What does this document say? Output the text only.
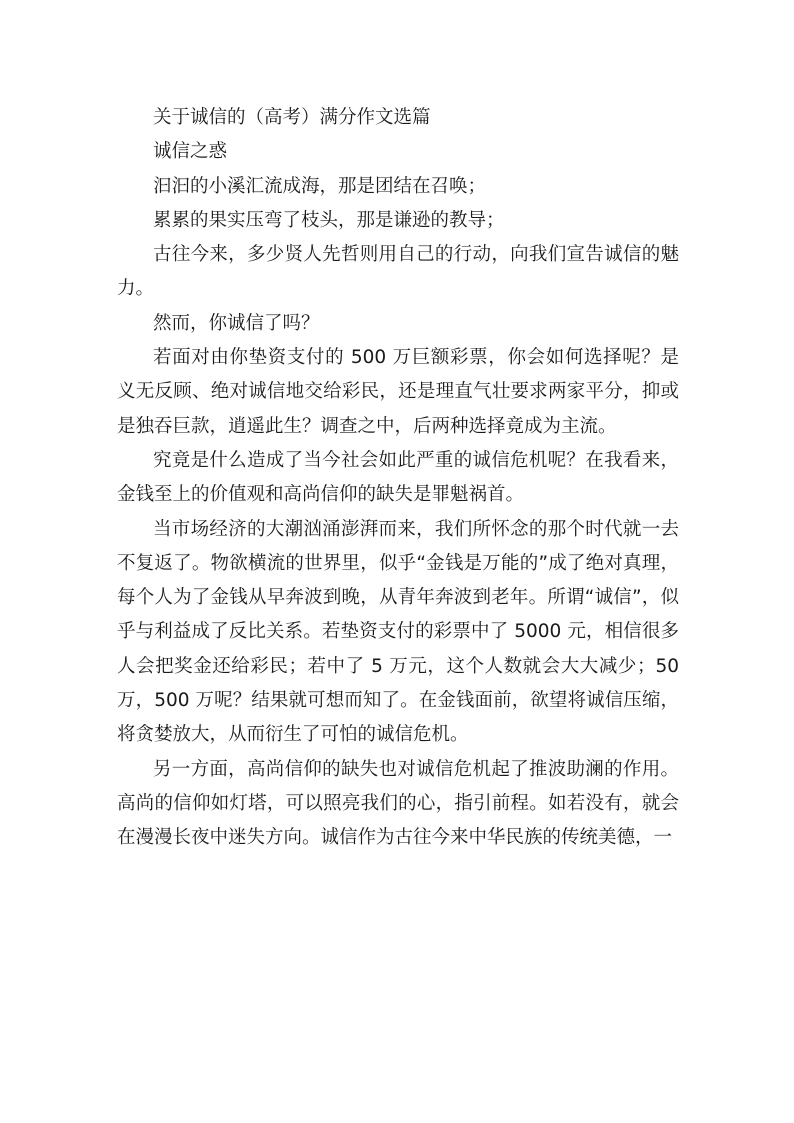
关于诚信的（高考）满分作文选篇

诚信之惑

汩汩的小溪汇流成海，那是团结在召唤；

累累的果实压弯了枝头，那是谦逊的教导；

古往今来，多少贤人先哲则用自己的行动，向我们宣告诚信的魅力。

然而，你诚信了吗？

若面对由你垫资支付的 500 万巨额彩票，你会如何选择呢？是义无反顾、绝对诚信地交给彩民，还是理直气壮要求两家平分，抑或是独吞巨款，逍遥此生？调查之中，后两种选择竟成为主流。

究竟是什么造成了当今社会如此严重的诚信危机呢？在我看来，金钱至上的价值观和高尚信仰的缺失是罪魁祸首。

当市场经济的大潮汹涌澎湃而来，我们所怀念的那个时代就一去不复返了。物欲横流的世界里，似乎“金钱是万能的”成了绝对真理，每个人为了金钱从早奔波到晚，从青年奔波到老年。所谓“诚信”，似乎与利益成了反比关系。若垫资支付的彩票中了 5000 元，相信很多人会把奖金还给彩民；若中了 5 万元，这个人数就会大大减少；50 万，500 万呢？结果就可想而知了。在金钱面前，欲望将诚信压缩，将贪婪放大，从而衍生了可怕的诚信危机。

另一方面，高尚信仰的缺失也对诚信危机起了推波助澜的作用。高尚的信仰如灯塔，可以照亮我们的心，指引前程。如若没有，就会在漫漫长夜中迷失方向。诚信作为古往今来中华民族的传统美德，一
